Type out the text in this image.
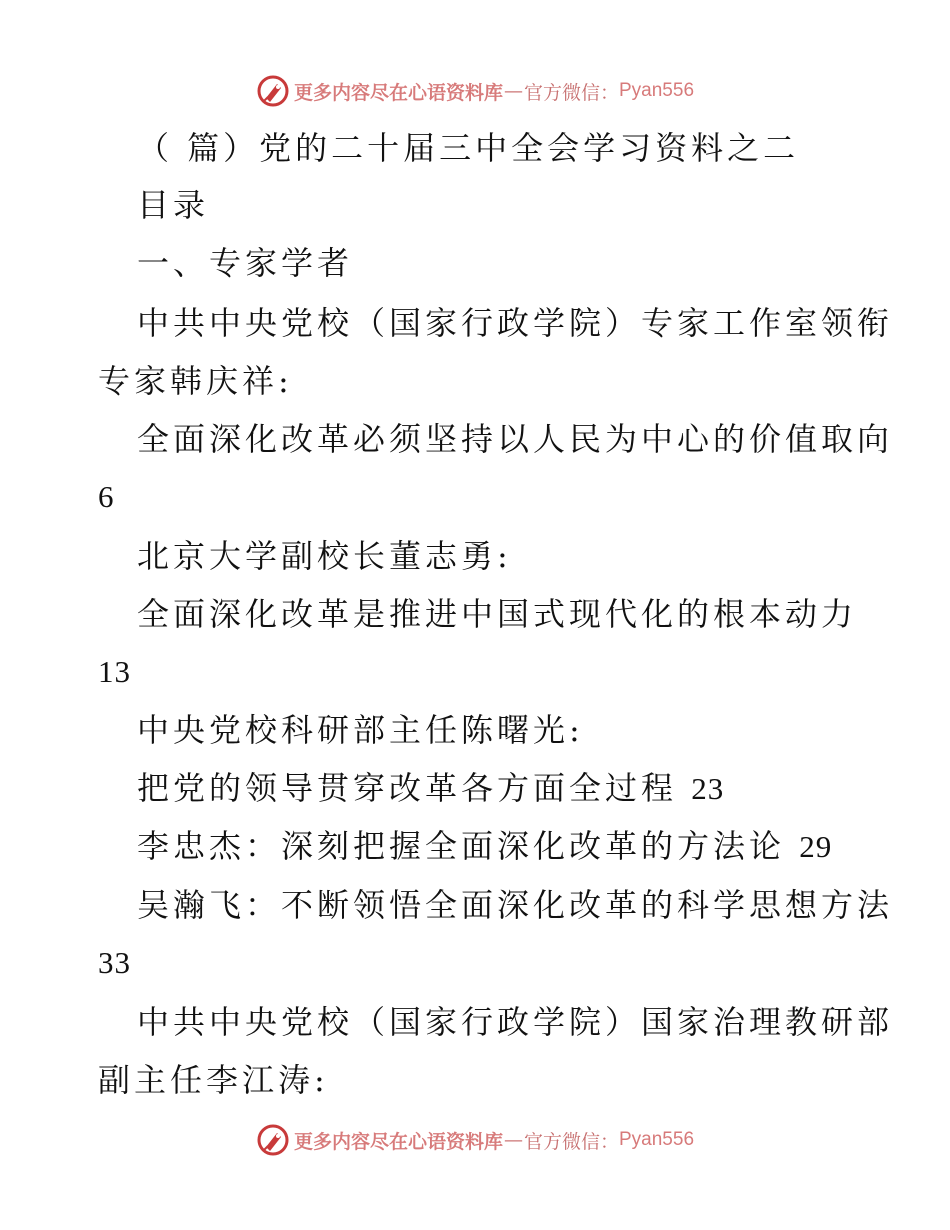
更多内容尽在心语资料库 — 官方微信： Pyan556
（ 篇）党的二十届三中全会学习资料之二
目录
一、专家学者
中共中央党校（国家行政学院）专家工作室领衔
专家韩庆祥:
全面深化改革必须坚持以人民为中心的价值取向
6
北京大学副校长董志勇:
全面深化改革是推进中国式现代化的根本动力
13
中央党校科研部主任陈曙光:
把党的领导贯穿改革各方面全过程 23
李忠杰：深刻把握全面深化改革的方法论 29
吴瀚飞：不断领悟全面深化改革的科学思想方法
33
中共中央党校（国家行政学院）国家治理教研部
副主任李江涛:
更多内容尽在心语资料库 — 官方微信： Pyan556
